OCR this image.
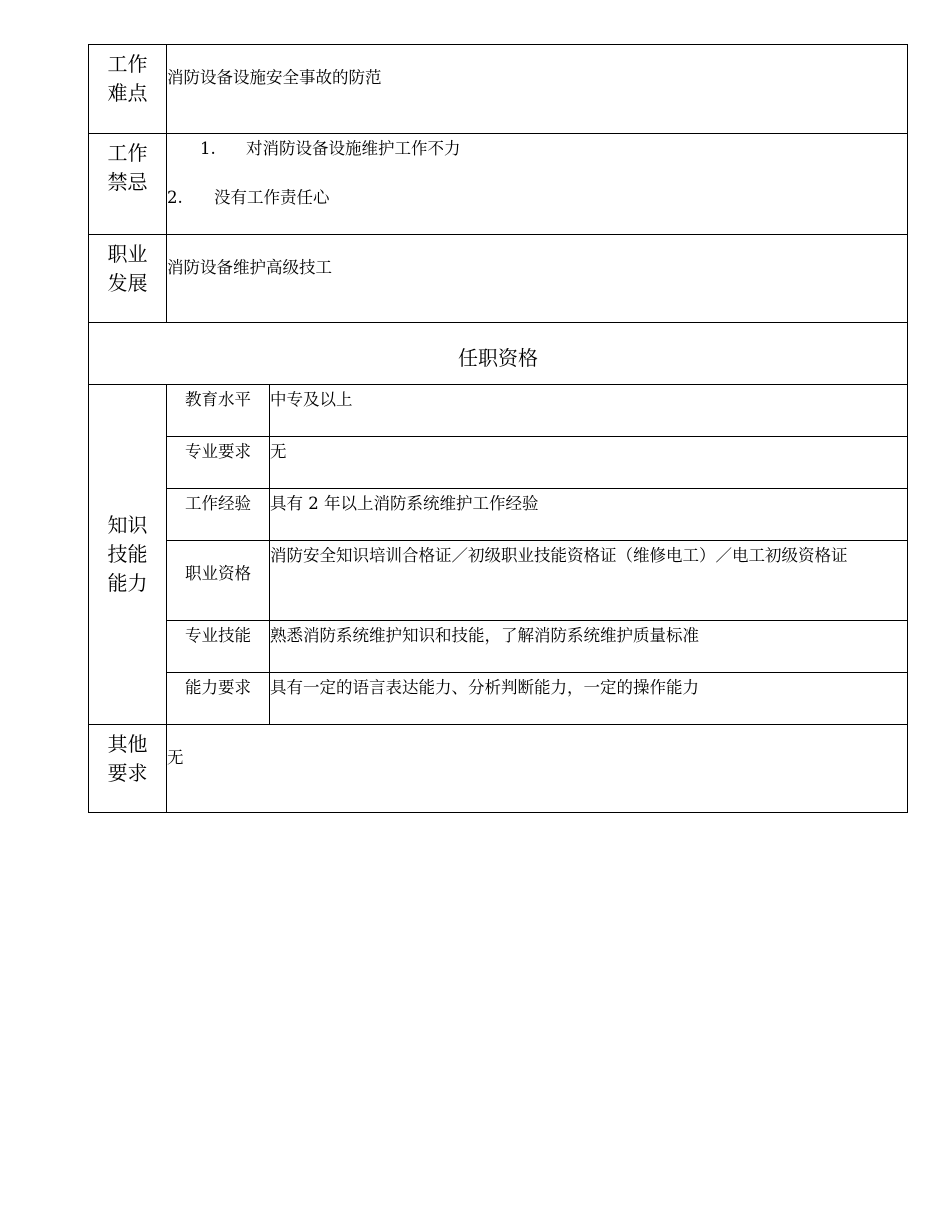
工作
难点	消防设备设施安全事故的防范	

工作
禁忌	1. 对消防设备设施维护工作不力
2. 没有工作责任心	

职业
发展	消防设备维护高级技工	
任职资格		

知识
技能
能力	教育水平	中专及以上
	专业要求	无
	工作经验	具有 2 年以上消防系统维护工作经验
	职业资格	消防安全知识培训合格证／初级职业技能资格证（维修电工）／电工初级资格证
	专业技能	熟悉消防系统维护知识和技能，了解消防系统维护质量标准
	能力要求	具有一定的语言表达能力、分析判断能力，一定的操作能力

其他
要求	无	
